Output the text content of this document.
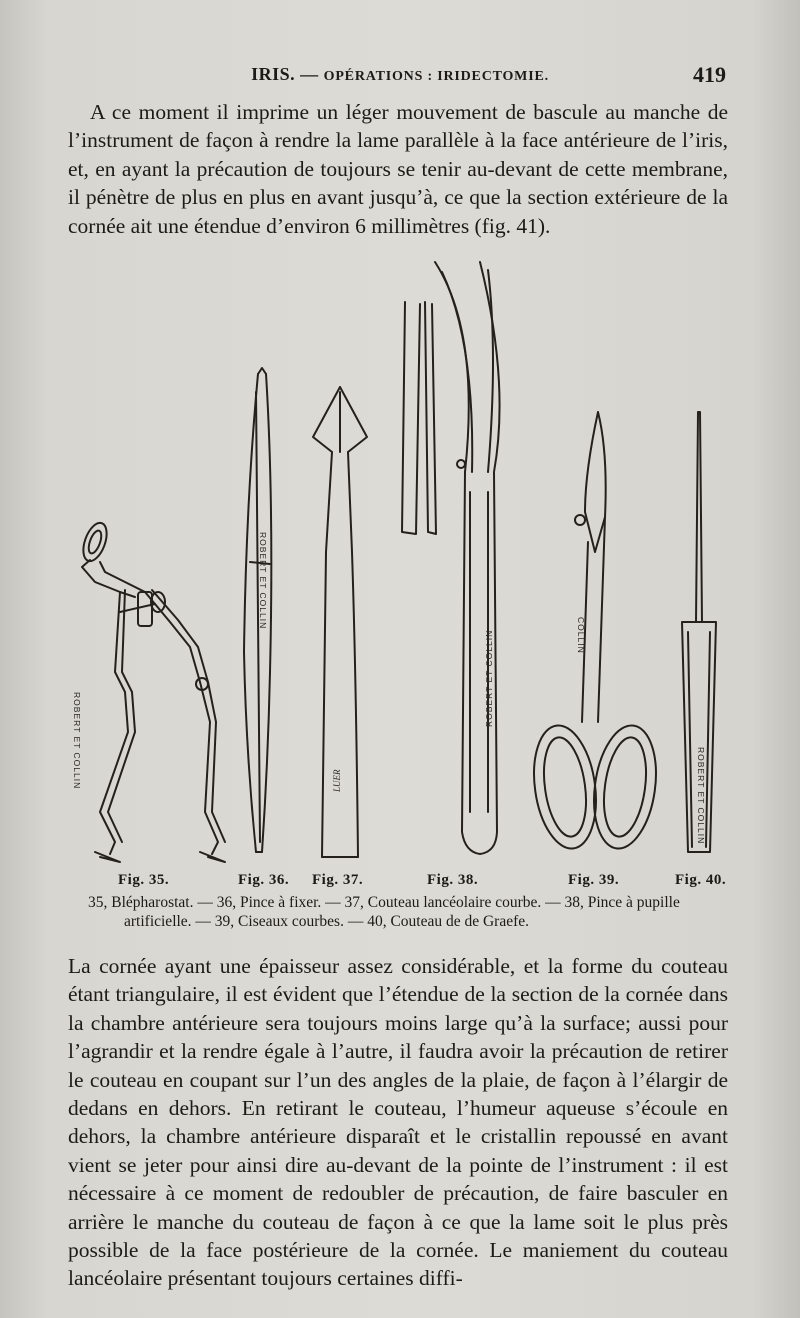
IRIS. — OPÉRATIONS : IRIDECTOMIE.	419

A ce moment il imprime un léger mouvement de bascule au manche de l’instrument de façon à rendre la lame parallèle à la face antérieure de l’iris, et, en ayant la précaution de toujours se tenir au-devant de cette membrane, il pénètre de plus en plus en avant jusqu’à, ce que la section extérieure de la cornée ait une étendue d’environ 6 millimètres (fig. 41).

ROBERT ET COLLIN
ROBERT ET COLLIN
LUER
ROBERT ET COLLIN	COLLIN
ROBERT ET COLLIN
Fig. 35.	Fig. 36. Fig. 37.	Fig. 38.	Fig. 39.	Fig. 40.
35, Blépharostat. — 36, Pince à fixer. — 37, Couteau lancéolaire courbe. — 38, Pince à pupille
artificielle. — 39, Ciseaux courbes. — 40, Couteau de de Graefe.

La cornée ayant une épaisseur assez considérable, et la forme du couteau étant triangulaire, il est évident que l’étendue de la section de la cornée dans la chambre antérieure sera toujours moins large qu’à la surface; aussi pour l’agrandir et la rendre égale à l’autre, il faudra avoir la précaution de retirer le couteau en coupant sur l’un des angles de la plaie, de façon à l’élargir de dedans en dehors. En retirant le couteau, l’humeur aqueuse s’écoule en dehors, la chambre antérieure disparaît et le cristallin repoussé en avant vient se jeter pour ainsi dire au-devant de la pointe de l’instrument : il est nécessaire à ce moment de redoubler de précaution, de faire basculer en arrière le manche du couteau de façon à ce que la lame soit le plus près possible de la face postérieure de la cornée. Le maniement du couteau lancéolaire présentant toujours certaines diffi-
